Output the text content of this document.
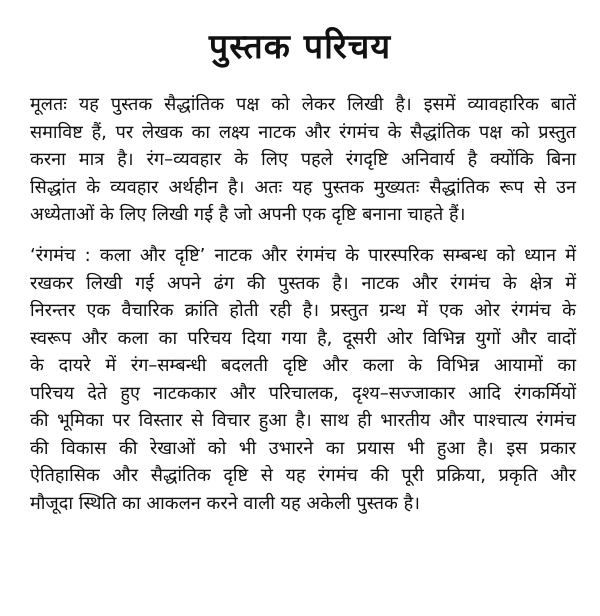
पुस्तक परिचय
मूलतः यह पुस्तक सैद्धांतिक पक्ष को लेकर लिखी है। इसमें व्यावहारिक बातें
समाविष्ट हैं, पर लेखक का लक्ष्य नाटक और रंगमंच के सैद्धांतिक पक्ष को प्रस्तुत
करना मात्र है। रंग–व्यवहार के लिए पहले रंगदृष्टि अनिवार्य है क्योंकि बिना
सिद्धांत के व्यवहार अर्थहीन है। अतः यह पुस्तक मुख्यतः सैद्धांतिक रूप से उन
अध्येताओं के लिए लिखी गई है जो अपनी एक दृष्टि बनाना चाहते हैं।
‘रंगमंच : कला और दृष्टि’ नाटक और रंगमंच के पारस्परिक सम्बन्ध को ध्यान में
रखकर लिखी गई अपने ढंग की पुस्तक है। नाटक और रंगमंच के क्षेत्र में
निरन्तर एक वैचारिक क्रांति होती रही है। प्रस्तुत ग्रन्थ में एक ओर रंगमंच के
स्वरूप और कला का परिचय दिया गया है, दूसरी ओर विभिन्न युगों और वादों
के दायरे में रंग–सम्बन्धी बदलती दृष्टि और कला के विभिन्न आयामों का
परिचय देते हुए नाटककार और परिचालक, दृश्य–सज्जाकार आदि रंगकर्मियों
की भूमिका पर विस्तार से विचार हुआ है। साथ ही भारतीय और पाश्चात्य रंगमंच
की विकास की रेखाओं को भी उभारने का प्रयास भी हुआ है। इस प्रकार
ऐतिहासिक और सैद्धांतिक दृष्टि से यह रंगमंच की पूरी प्रक्रिया, प्रकृति और
मौजूदा स्थिति का आकलन करने वाली यह अकेली पुस्तक है।
